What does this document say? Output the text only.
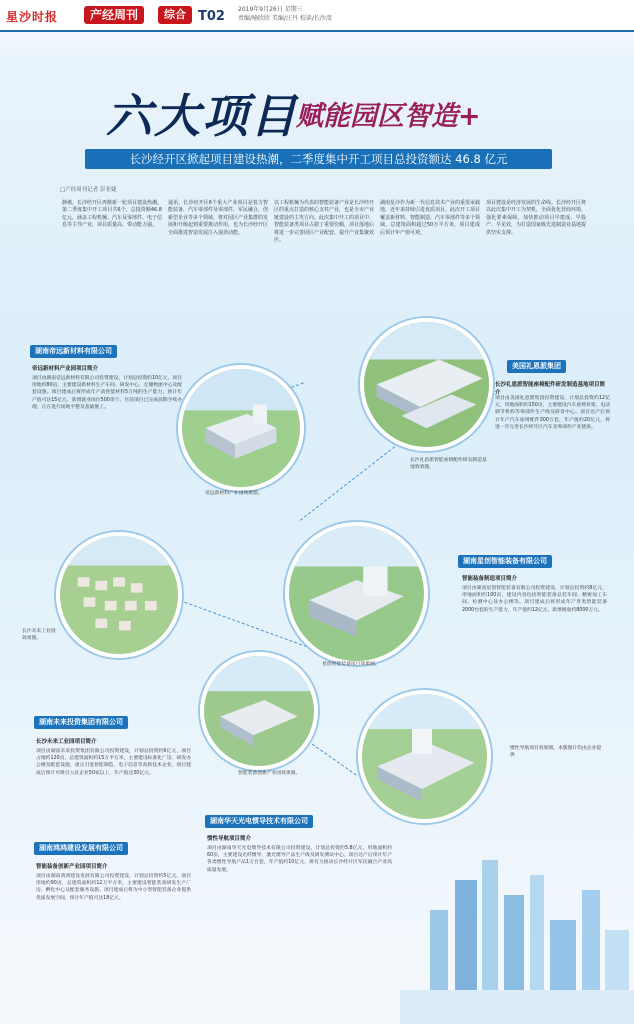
星沙时报	产经周刊	综合 T02 2019年9月26日 星期三
责编/喻欣欣 美编/汪丹 校读/长沙湾
六大项目
赋能园区智造+
长沙经开区掀起项目建设热潮，二季度集中开工项目总投资额达 46.8 亿元
□产经周刊记者 彭亚婕
静谧，长沙经开区再掀新一轮项目建设热潮。第二季度集中开工项目共6个，总投资额46.8亿元，涵盖工程机械、汽车及零部件、电子信息等主导产业，项目质量高、带动能力强。
通讯，长沙经开区6个重大产业项目是着力智能装备，汽车零部件及零部件，军民融合，创新型企业等多个领域，将对园区产业集群的发展和升级起到重要推动作用，也为长沙经开区全面推进智造发展注入强劲动能。
以工程机械为代表的智能装备产业是长沙经开区的重点打造的核心支柱产业，也是全市产业链建设的主攻方向。此次集中开工的项目中，智能装备类项目占据了重要份额，项目落地后将进一步完善园区产业配套，提升产业集聚效应。
湖南星沙作为新一代信息技术产业的重要承载地，近年来持续引进优质项目。此次开工项目覆盖新材料、智能制造、汽车零部件等多个领域，总建筑面积超过50万平方米，项目建成后预计年产值可观。
项目建设是经济发展的生命线。长沙经开区将以此次集中开工为契机，全面优化营商环境，强化要素保障，加快推动项目早建成、早投产、早见效，为打造国家级先进制造业基地提供坚实支撑。
湖南帝远新材料有限公司
帝远新材料产业园项目简介
项目由湖南帝远新材料有限公司投资建设，计划总投资约10亿元，项目用地约80亩，主要建设新材料生产车间、研发中心、仓储物流中心及配套设施。项目建成后将形成年产高性能材料5万吨的生产能力，预计年产值可达15亿元，新增就业岗位500余个。目前项目已完成前期手续办理，正在进行场地平整及基础施工。
美国礼恩派集团
长沙礼恩派智能座椅配件研发制造基地项目简介
项目由美国礼恩派集团投资建设，计划总投资约12亿元，用地面积约150亩，主要建设汽车座椅骨架、电动调节机构等零部件生产线及研发中心。项目达产后预计年产汽车座椅配件300万套，年产值约20亿元，将进一步完善长沙经开区汽车及零部件产业链条。
湖南星创智能装备有限公司
智能装备制造项目简介
项目由湖南星创智能装备有限公司投资建设，计划总投资约8亿元，用地面积约100亩，建设内容包括智能装备总装车间、精密加工车间、检测中心及办公楼等。项目建成后将形成年产各类智能装备2000台套的生产能力，年产值约12亿元，新增税收约8000万元。
湖南未来投资集团有限公司
长沙未来工业园项目简介
项目由湖南未来投资集团有限公司投资建设，计划总投资约6亿元，项目占地约120亩，总建筑面积约15万平方米，主要建设标准化厂房、研发办公楼及配套设施，重点引进智能制造、电子信息等高新技术企业。项目建成后预计可吸引入驻企业50家以上，年产值达30亿元。
湖南华天光电惯导技术有限公司
惯性导航项目简介
项目由湖南华天光电惯导技术有限公司投资建设，计划总投资约5.8亿元，用地面积约60亩，主要建设光纤惯导、激光惯导产品生产线及研发测试中心。项目达产后预计年产各类惯性导航产品1万台套，年产值约10亿元，将有力推动长沙经开区军民融合产业高质量发展。
湖南鸿鸿建设发展有限公司
智能装备创新产业园项目简介
项目由湖南鸿鸿建设发展有限公司投资建设，计划总投资约5亿元，项目用地约90亩，总建筑面积约12万平方米，主要建设智能装备研发生产厂房、孵化中心及配套服务设施。项目建成后将为中小型智能装备企业提供优质发展空间，预计年产值可达18亿元。
帝远新材料产业园效果图。
长沙礼恩派智能座椅配件研发制造基地效果图。
长沙未来工业园效果图。
星创智能装备项目效果图。
智能装备创新产业园效果图。
惯性导航项目效果图。本版图片均由企业提供
